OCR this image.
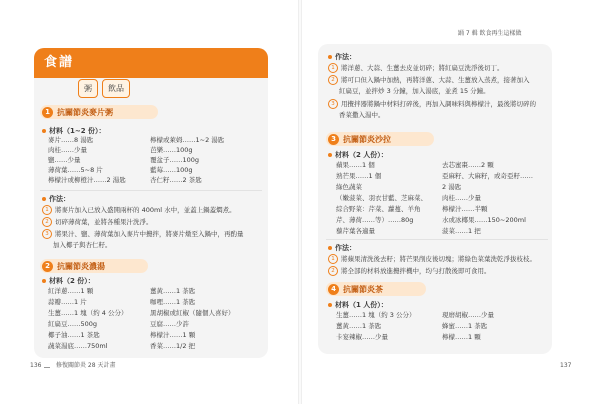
食譜
粥	飲品
1 抗關節炎麥片粥
材料（1~2 份）：
麥片……8 湯匙
肉桂……少量
鹽……少量
薄荷葉……5~8 片
檸檬汁或柳橙汁……2 湯匙
檸檬或萊姆……1~2 湯匙
芭樂……100g
覆盆子……100g
藍莓……100g
杏仁籽……2 茶匙
作法：
1 將麥片加入已放入盛開兩杯的 400ml 水中，並蓋上鍋蓋燜煮。
2 切碎薄荷葉，並將各種果汁洗淨。
3 將果汁、鹽、薄荷葉加入麥片中攪拌，將麥片燉至入鍋中，再酌量
加入椰子與杏仁籽。
2 抗關節炎濃湯
材料（2 份）：
紅洋蔥……1 顆
蒜瓣……1 片
生薑……1 塊（約 4 公分）
紅扁豆……500g
椰子油……1 茶匙
蔬菜湯底……750ml
薑黃……1 茶匙
咖哩……1 茶匙
黑胡椒或紅椒（隨個人喜好）
豆腐……少許
檸檬汁……1 顆
香菜……1/2 把
136 修復關節炎 28 天計畫
踊 7 輯 飲食再生這樣做
作法：
1 將洋蔥、大蒜、生薑去皮並切碎；將紅扁豆洗淨後切丁。
2 將可口但入鍋中加熱，再將洋蔥、大蒜、生薑放入蒸煮，接著加入
紅扁豆，並拌炒 3 分鐘，加入湯底，並煮 15 分鐘。
3 用攪拌器將鍋中材料打碎後，再加入調味料與檸檬汁，最後將切碎的
香菜撒入湯中。
3 抗關節炎沙拉
材料（2 人份）：
蘋果……1 個
熟芒果……1 個
綠色蔬菜
（嫩菠菜、羽衣甘藍、芝麻菜、
綜合野菜：芹菜、蘿蔓、羊角
芹、薄荷……等）……80g
藜芹葉各適量
去芯蜜棗……2 顆
亞麻籽、大麻籽，或奇亞籽……
2 湯匙
肉桂……少量
檸檬汁……半顆
水或冰椰果……150~200ml
菠菜……1 把
作法：
1 將蘋果清洗後去籽；將芒果削皮後切塊；將綠色菜葉洗乾淨拔枝枝。
2 將全部的材料放進攪拌機中，均勻打散後即可食用。
4 抗關節炎茶
材料（1 人份）：
生薑……1 塊（約 3 公分）
薑黃……1 茶匙
卡宴辣椒……少量
現磨胡椒……少量
蜂蜜……1 茶匙
檸檬……1 顆
137
